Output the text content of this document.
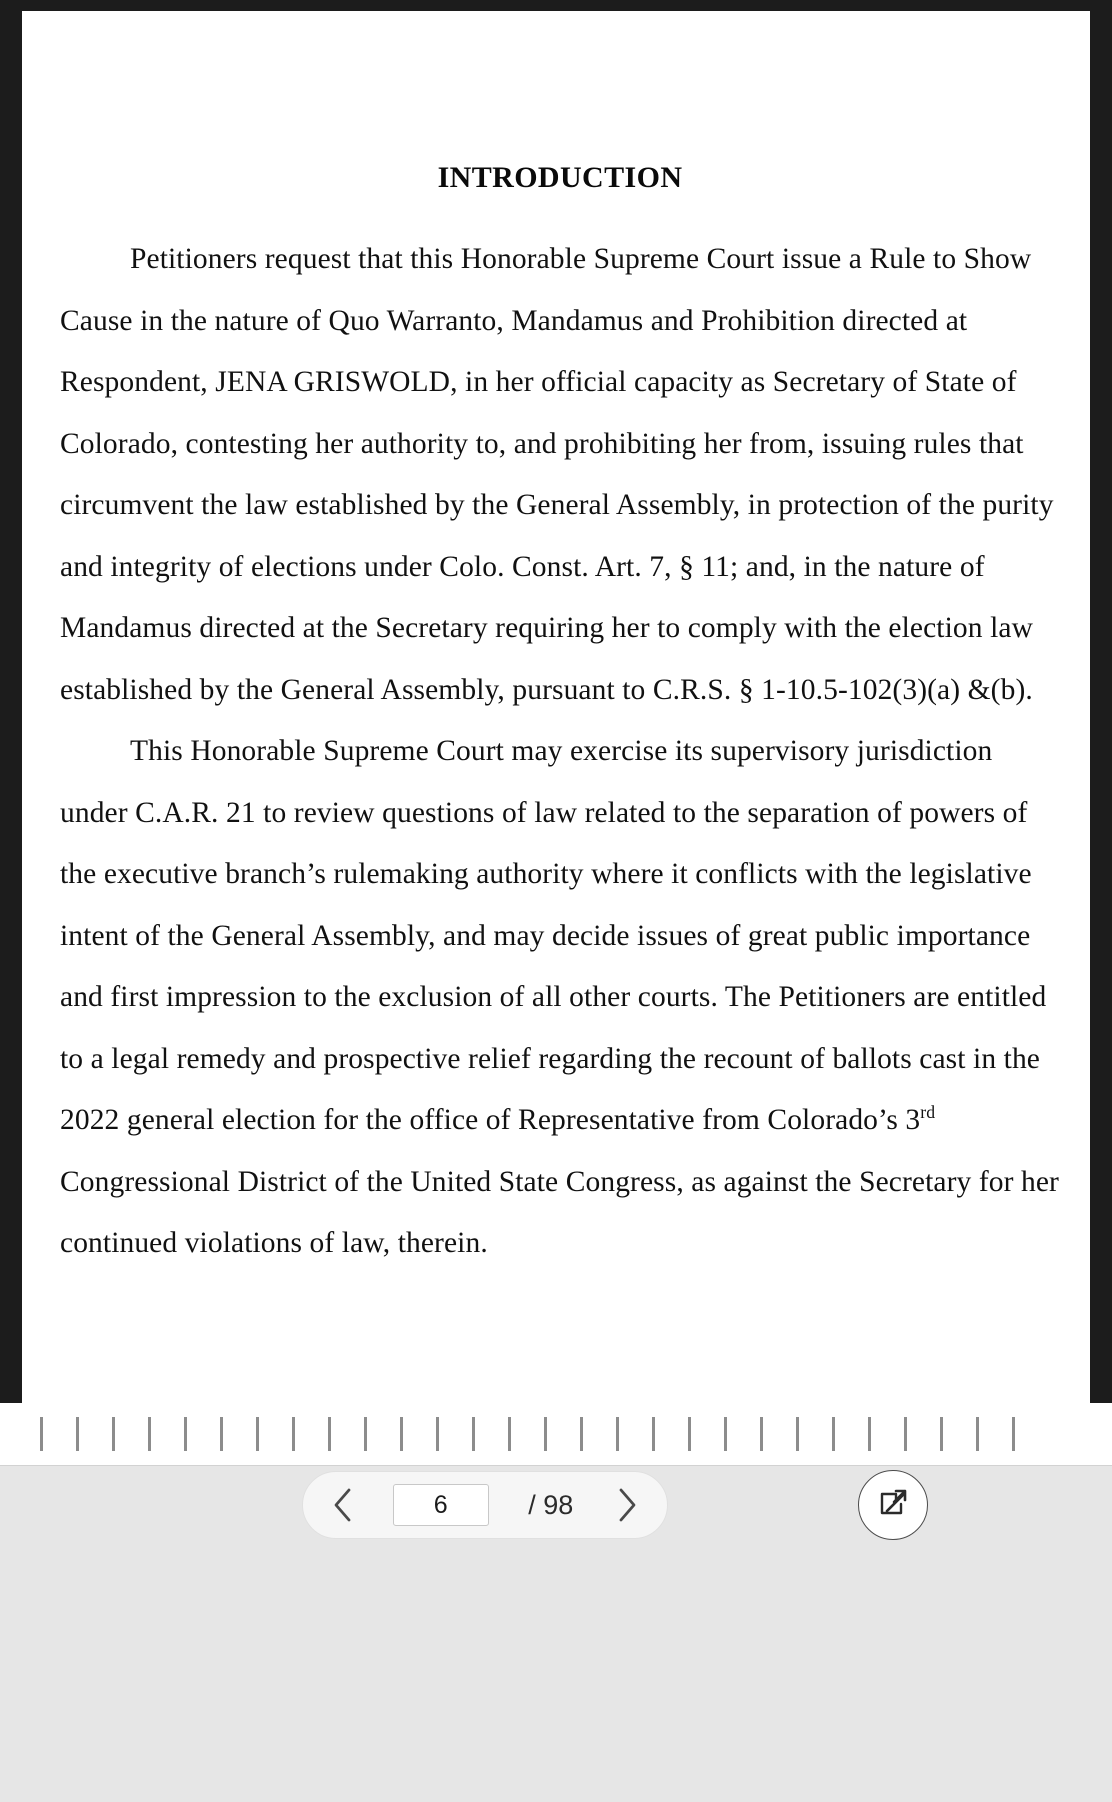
INTRODUCTION

Petitioners request that this Honorable Supreme Court issue a Rule to Show Cause in the nature of Quo Warranto, Mandamus and Prohibition directed at Respondent, JENA GRISWOLD, in her official capacity as Secretary of State of Colorado, contesting her authority to, and prohibiting her from, issuing rules that circumvent the law established by the General Assembly, in protection of the purity and integrity of elections under Colo. Const. Art. 7, § 11; and, in the nature of Mandamus directed at the Secretary requiring her to comply with the election law established by the General Assembly, pursuant to C.R.S. § 1-10.5-102(3)(a) &(b).

This Honorable Supreme Court may exercise its supervisory jurisdiction under C.A.R. 21 to review questions of law related to the separation of powers of the executive branch’s rulemaking authority where it conflicts with the legislative intent of the General Assembly, and may decide issues of great public importance and first impression to the exclusion of all other courts. The Petitioners are entitled to a legal remedy and prospective relief regarding the recount of ballots cast in the 2022 general election for the office of Representative from Colorado’s 3rd Congressional District of the United State Congress, as against the Secretary for her continued violations of law, therein.

6
/ 98
